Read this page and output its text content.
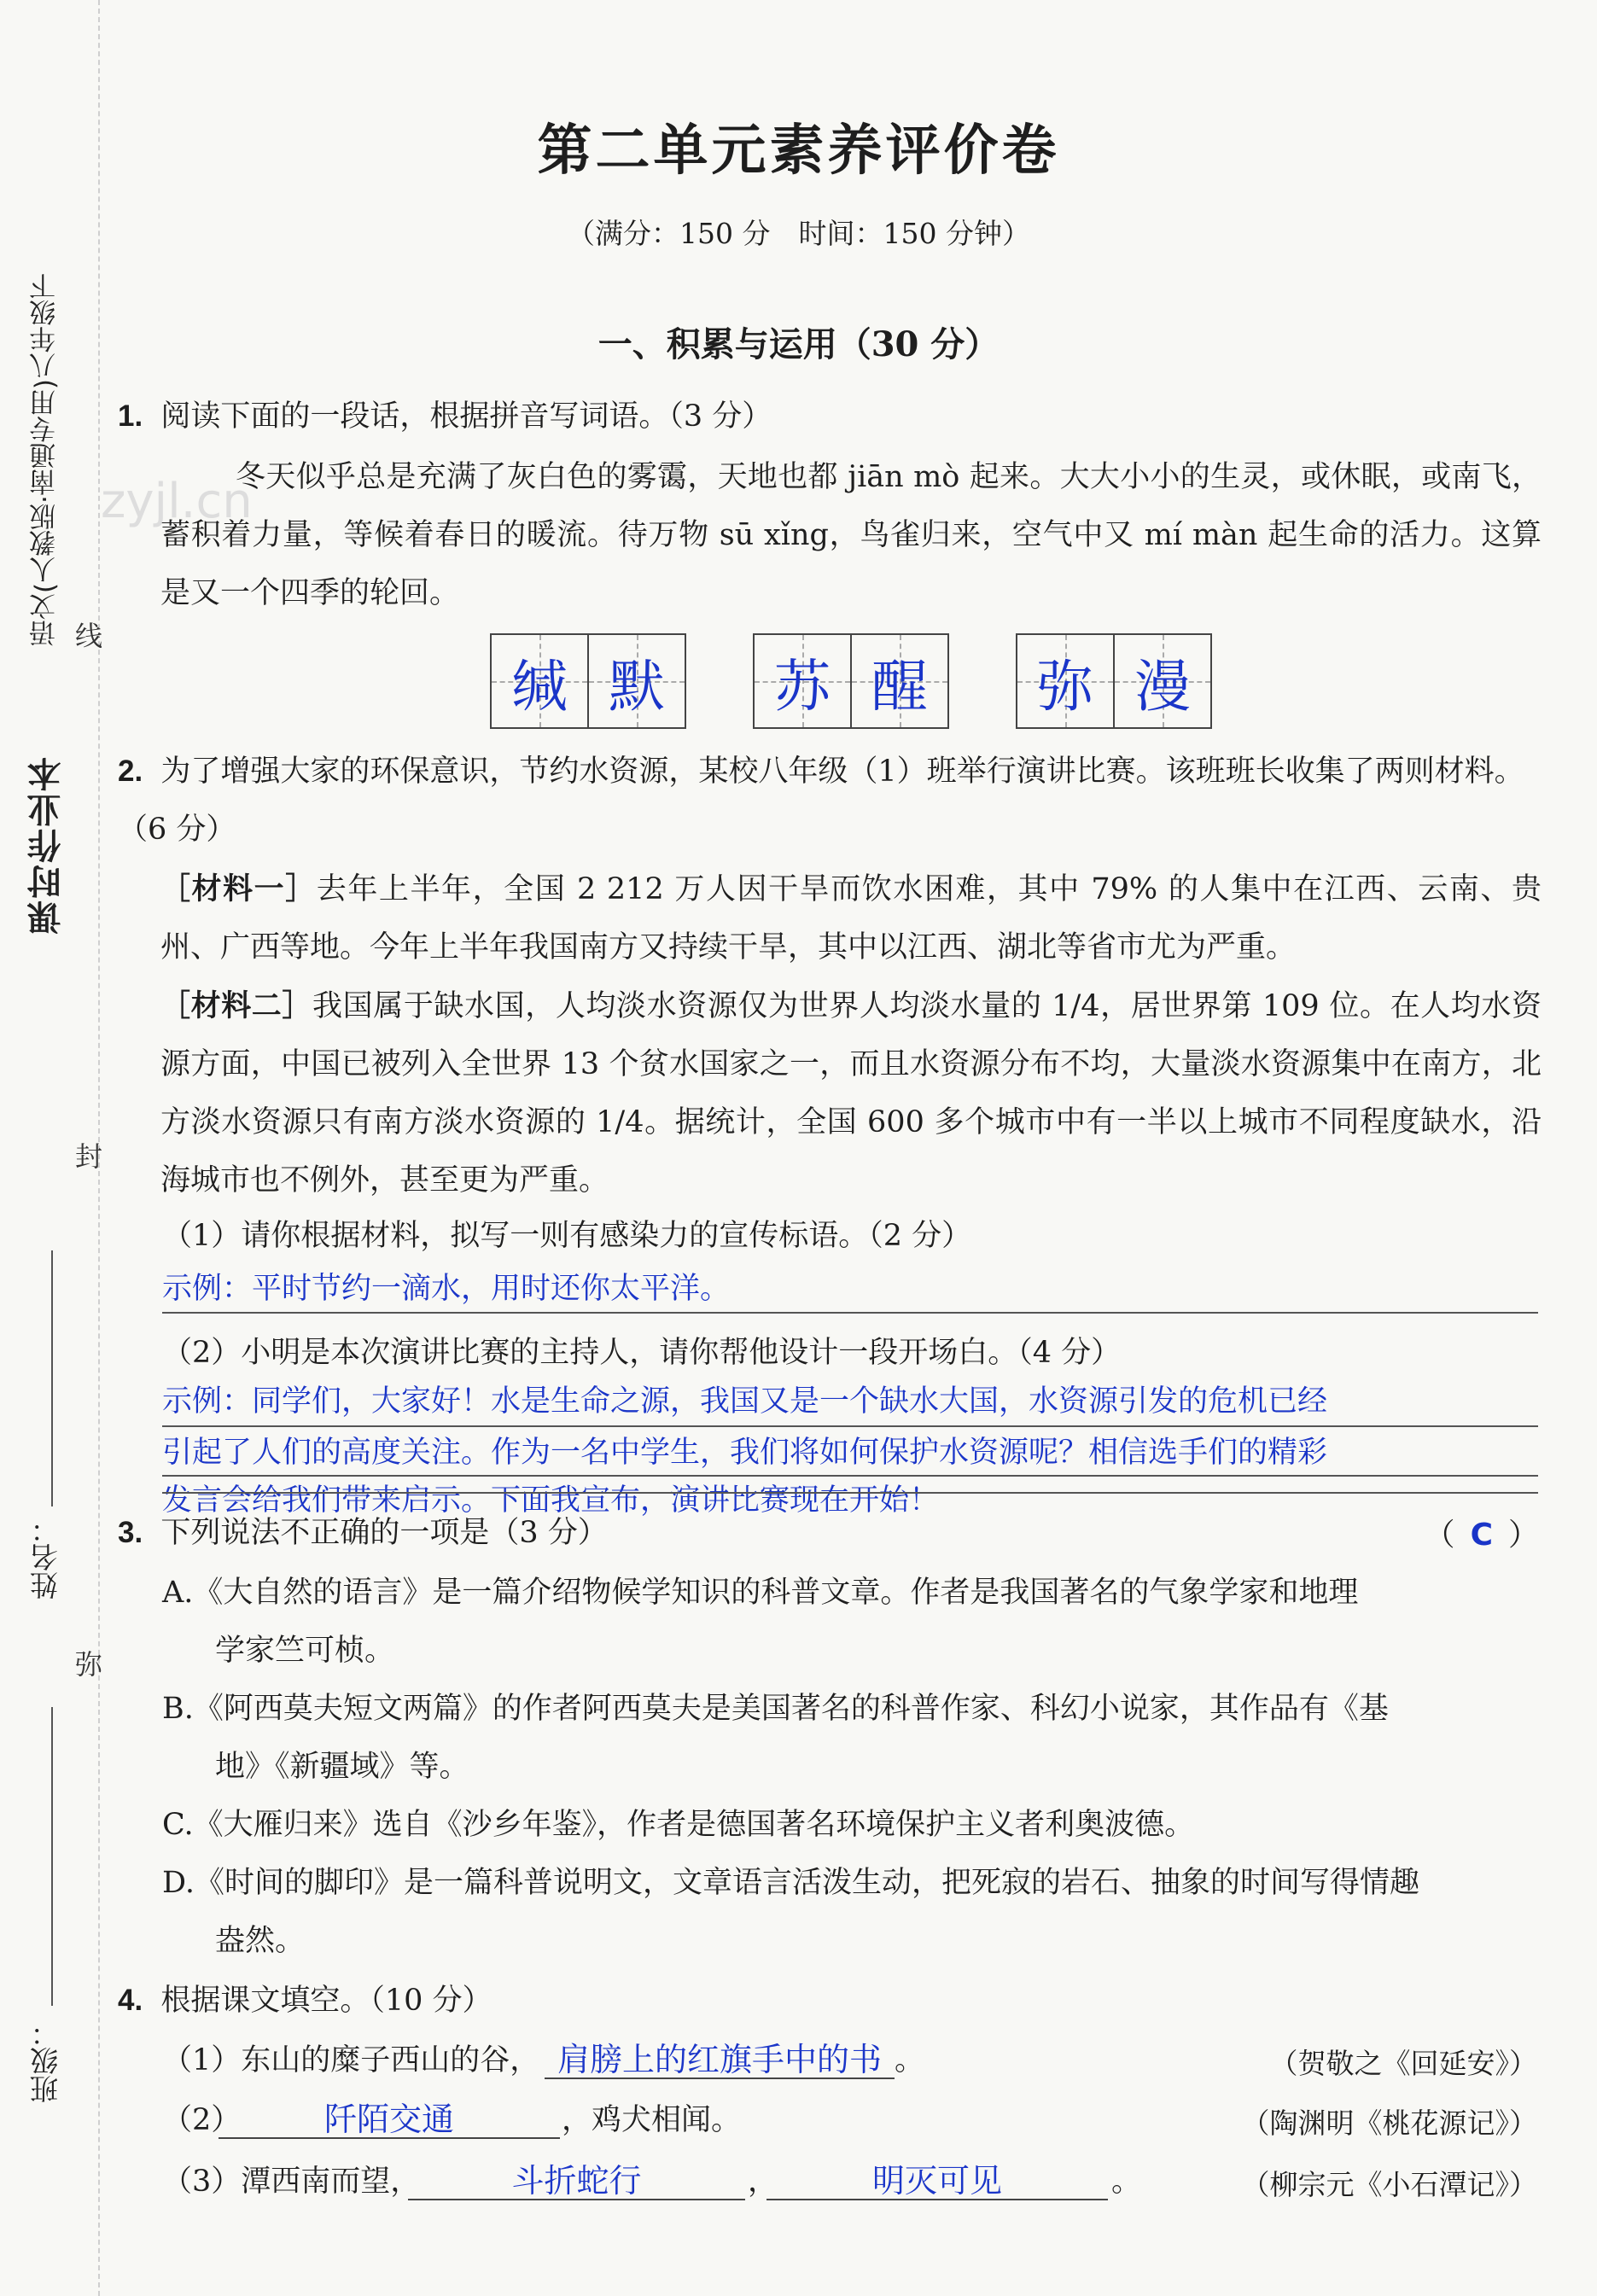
课时作业本
语文(人教版·南通专用)八年级下 线
封
弥
姓名：
班级：
zyjl.cn
第二单元素养评价卷
（满分：150 分　时间：150 分钟）
一、积累与运用（30 分）
1. 阅读下面的一段话，根据拼音写词语。（3 分）
冬天似乎总是充满了灰白色的雾霭，天地也都 jiān mò 起来。大大小小的生灵，或休眠，或南飞，蓄积着力量，等候着春日的暖流。待万物 sū xǐng，鸟雀归来，空气中又 mí màn 起生命的活力。这算是又一个四季的轮回。
缄 默 苏 醒 弥 漫
2. 为了增强大家的环保意识，节约水资源，某校八年级（1）班举行演讲比赛。该班班长收集了两则材料。（6 分）
［材料一］去年上半年，全国 2 212 万人因干旱而饮水困难，其中 79% 的人集中在江西、云南、贵州、广西等地。今年上半年我国南方又持续干旱，其中以江西、湖北等省市尤为严重。
［材料二］我国属于缺水国，人均淡水资源仅为世界人均淡水量的 1/4，居世界第 109 位。在人均水资源方面，中国已被列入全世界 13 个贫水国家之一，而且水资源分布不均，大量淡水资源集中在南方，北方淡水资源只有南方淡水资源的 1/4。据统计，全国 600 多个城市中有一半以上城市不同程度缺水，沿海城市也不例外，甚至更为严重。
（1）请你根据材料，拟写一则有感染力的宣传标语。（2 分）
示例：平时节约一滴水，用时还你太平洋。
（2）小明是本次演讲比赛的主持人，请你帮他设计一段开场白。（4 分）
示例：同学们，大家好！水是生命之源，我国又是一个缺水大国，水资源引发的危机已经
引起了人们的高度关注。作为一名中学生，我们将如何保护水资源呢？相信选手们的精彩
发言会给我们带来启示。下面我宣布，演讲比赛现在开始！
3. 下列说法不正确的一项是（3 分）	（ C ）
A.《大自然的语言》是一篇介绍物候学知识的科普文章。作者是我国著名的气象学家和地理
学家竺可桢。
B.《阿西莫夫短文两篇》的作者阿西莫夫是美国著名的科普作家、科幻小说家，其作品有《基
地》《新疆域》等。
C.《大雁归来》选自《沙乡年鉴》，作者是德国著名环境保护主义者利奥波德。
D.《时间的脚印》是一篇科普说明文，文章语言活泼生动，把死寂的岩石、抽象的时间写得情趣
盎然。
4. 根据课文填空。（10 分）
（1）东山的糜子西山的谷， 肩膀上的红旗手中的书 。	（贺敬之《回延安》）
（2）	阡陌交通	，鸡犬相闻。	（陶渊明《桃花源记》）
（3）潭西南而望，	斗折蛇行	，	明灭可见	。	（柳宗元《小石潭记》）
